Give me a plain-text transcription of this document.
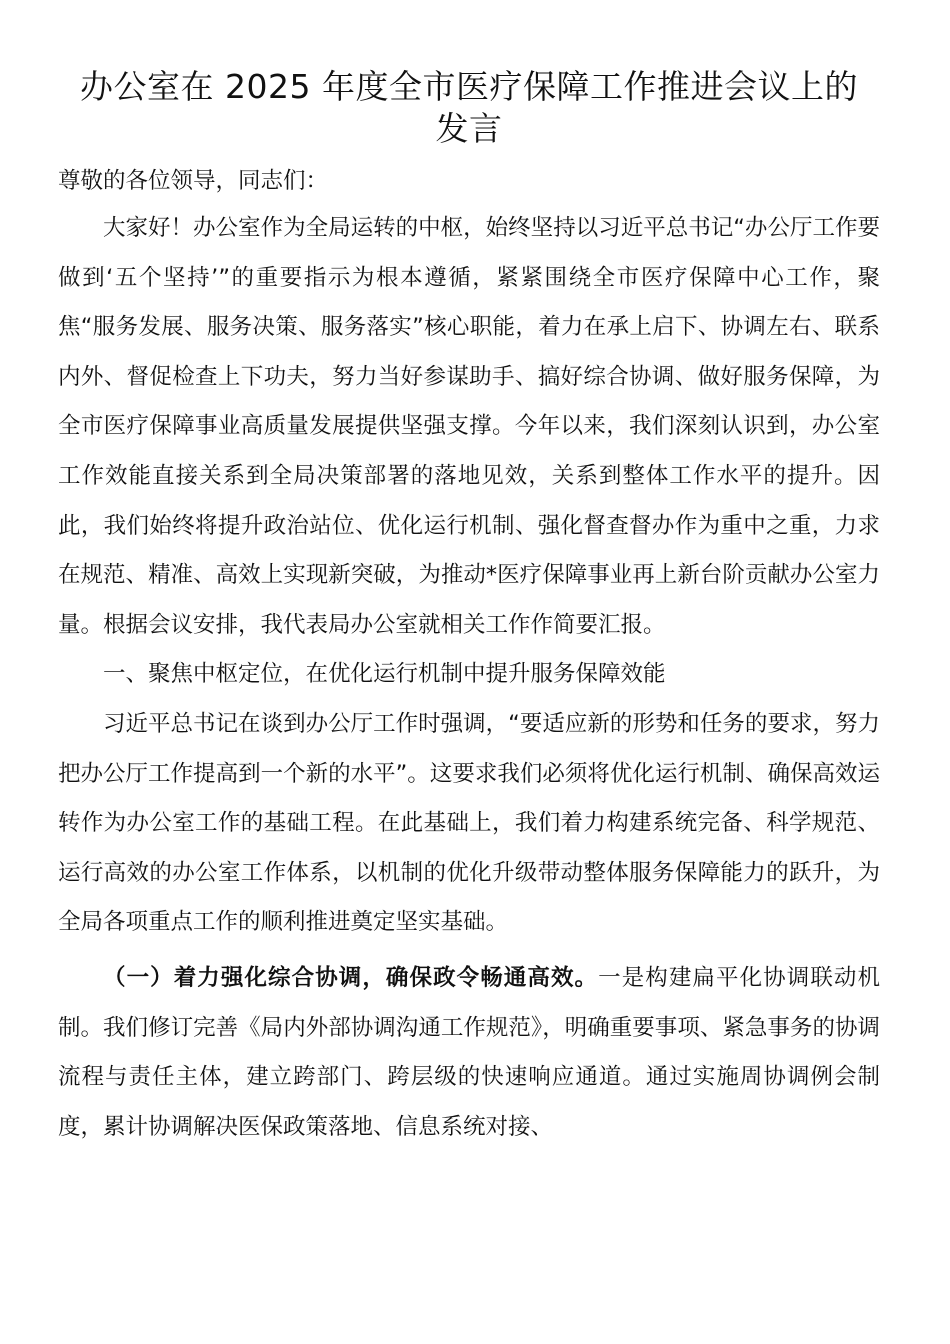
办公室在 2025 年度全市医疗保障工作推进会议上的
发言

尊敬的各位领导，同志们：

大家好！办公室作为全局运转的中枢，始终坚持以习近平总书记“办公厅工作要做到‘五个坚持’”的重要指示为根本遵循，紧紧围绕全市医疗保障中心工作，聚焦“服务发展、服务决策、服务落实”核心职能，着力在承上启下、协调左右、联系内外、督促检查上下功夫，努力当好参谋助手、搞好综合协调、做好服务保障，为全市医疗保障事业高质量发展提供坚强支撑。今年以来，我们深刻认识到，办公室工作效能直接关系到全局决策部署的落地见效，关系到整体工作水平的提升。因此，我们始终将提升政治站位、优化运行机制、强化督查督办作为重中之重，力求在规范、精准、高效上实现新突破，为推动*医疗保障事业再上新台阶贡献办公室力量。根据会议安排，我代表局办公室就相关工作作简要汇报。

一、聚焦中枢定位，在优化运行机制中提升服务保障效能

习近平总书记在谈到办公厅工作时强调，“要适应新的形势和任务的要求，努力把办公厅工作提高到一个新的水平”。这要求我们必须将优化运行机制、确保高效运转作为办公室工作的基础工程。在此基础上，我们着力构建系统完备、科学规范、运行高效的办公室工作体系，以机制的优化升级带动整体服务保障能力的跃升，为全局各项重点工作的顺利推进奠定坚实基础。

（一）着力强化综合协调，确保政令畅通高效。一是构建扁平化协调联动机制。我们修订完善《局内外部协调沟通工作规范》，明确重要事项、紧急事务的协调流程与责任主体，建立跨部门、跨层级的快速响应通道。通过实施周协调例会制度，累计协调解决医保政策落地、信息系统对接、
